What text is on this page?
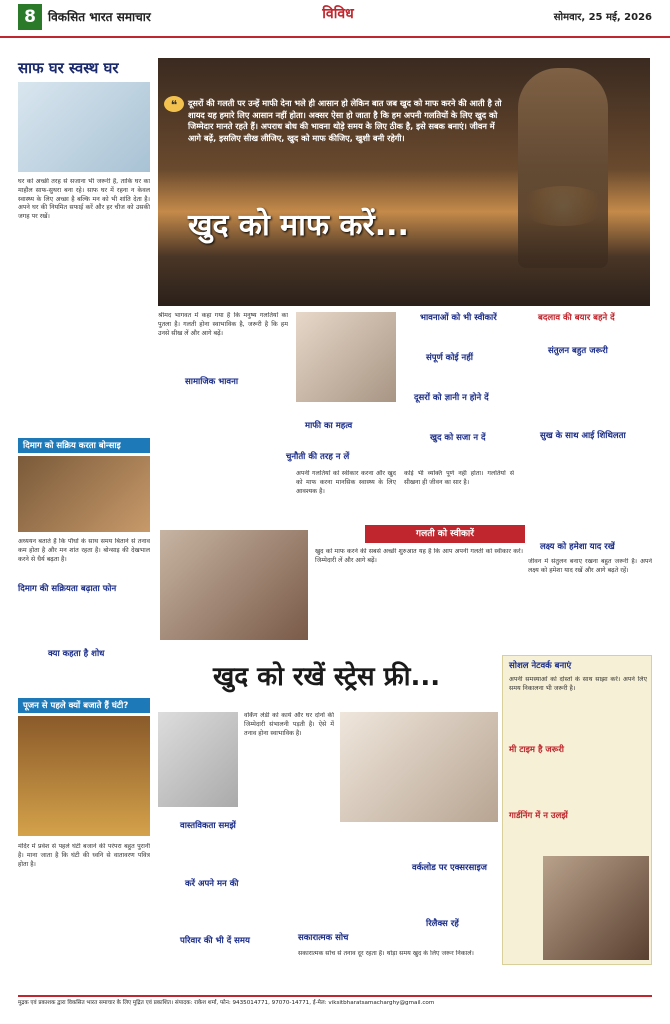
8	विकसित भारत समाचार	विविध	सोमवार, 25 मई, 2026
साफ घर स्वस्थ घर
घर को अच्छी तरह से सजाना भी जरूरी है, ताकि घर का माहौल साफ-सुथरा बना रहे। साफ घर में रहना न केवल स्वास्थ्य के लिए अच्छा है बल्कि मन को भी शांति देता है। अपने घर की नियमित सफाई करें और हर चीज को उसकी जगह पर रखें।
दिमाग को सक्रिय करता बोन्साइ
अध्ययन बताते हैं कि पौधों के साथ समय बिताने से तनाव कम होता है और मन शांत रहता है। बोन्साइ की देखभाल करने से धैर्य बढ़ता है।
दिमाग की सक्रियता बढ़ाता फोन
क्या कहता है शोध
पूजन से पहले क्यों बजाते हैं घंटी?
मंदिर में प्रवेश से पहले घंटी बजाने की परंपरा बहुत पुरानी है। माना जाता है कि घंटी की ध्वनि से वातावरण पवित्र होता है।
❝	दूसरों की गलती पर उन्हें माफी देना भले ही आसान हो लेकिन बात जब खुद को माफ करने की आती है तो शायद यह हमारे लिए आसान नहीं होता। अक्सर ऐसा हो जाता है कि हम अपनी गलतियों के लिए खुद को जिम्मेदार मानते रहते हैं। अपराध बोध की भावना थोड़े समय के लिए ठीक है, इसे सबक बनाएं। जीवन में आगे बढ़ें, इसलिए सीख लीजिए, खुद को माफ कीजिए, खुशी बनी रहेगी।
खुद को माफ करें...
श्रीमद भागवत में कहा गया है कि मनुष्य गलतियों का पुतला है। गलती होना स्वाभाविक है, जरूरी है कि हम उनसे सीख लें और आगे बढ़ें।
सामाजिक भावना
माफी का महत्व
चुनौती की तरह न लें
अपनी गलतियों को स्वीकार करना और खुद को माफ करना मानसिक स्वास्थ्य के लिए आवश्यक है।
भावनाओं को भी स्वीकारें
संपूर्ण कोई नहीं
दूसरों को ज्ञानी न होने दें
खुद को सजा न दें
कोई भी व्यक्ति पूर्ण नहीं होता। गलतियों से सीखना ही जीवन का सार है।
बदलाव की बयार बहने दें
संतुलन बहुत जरूरी
सुख के साथ आई शिथिलता
लक्ष्य को हमेशा याद रखें
जीवन में संतुलन बनाए रखना बहुत जरूरी है। अपने लक्ष्य को हमेशा याद रखें और आगे बढ़ते रहें।
गलती को स्वीकारें
खुद को माफ करने की सबसे अच्छी शुरुआत यह है कि आप अपनी गलती को स्वीकार करें। जिम्मेदारी लें और आगे बढ़ें।
खुद को रखें स्ट्रेस फ्री...
वर्किंग लेडी को कार्य और घर दोनों की जिम्मेदारी संभालनी पड़ती है। ऐसे में तनाव होना स्वाभाविक है।
वास्तविकता समझें
करें अपने मन की
परिवार की भी दें समय	सकारात्मक सोच
वर्कलोड पर एक्सरसाइज
रिलैक्स रहें
सकारात्मक सोच से तनाव दूर रहता है। थोड़ा समय खुद के लिए जरूर निकालें।
सोशल नेटवर्क बनाएं
मी टाइम है जरूरी
गार्डनिंग में न उलझें
अपनी समस्याओं को दोस्तों के साथ साझा करें। अपने लिए समय निकालना भी जरूरी है।
मुद्रक एवं प्रकाशक द्वारा विकसित भारत समाचार के लिए मुद्रित एवं प्रकाशित। संपादक: राकेश शर्मा, फोन: 9435014771, 97070-14771, ई-मेल: viksitbharatsamacharghy@gmail.com
